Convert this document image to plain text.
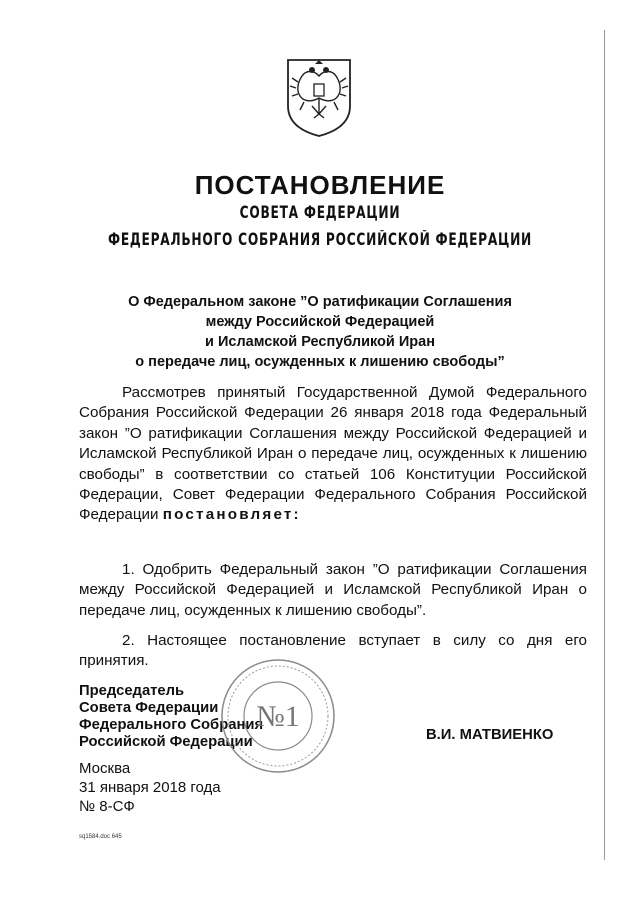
ПОСТАНОВЛЕНИЕ
СОВЕТА ФЕДЕРАЦИИ
ФЕДЕРАЛЬНОГО СОБРАНИЯ РОССИЙСКОЙ ФЕДЕРАЦИИ
О Федеральном законе ”О ратификации Соглашения
между Российской Федерацией
и Исламской Республикой Иран
о передаче лиц, осужденных к лишению свободы”
Рассмотрев принятый Государственной Думой Федерального Собрания Российской Федерации 26 января 2018 года Федеральный закон ”О ратификации Соглашения между Российской Федерацией и Исламской Республикой Иран о передаче лиц, осужденных к лишению свободы” в соответствии со статьей 106 Конституции Российской Федерации, Совет Федерации Федерального Собрания Российской Федерации постановляет:
1. Одобрить Федеральный закон ”О ратификации Соглашения между Российской Федерацией и Исламской Республикой Иран о передаче лиц, осужденных к лишению свободы”.
2. Настоящее постановление вступает в силу со дня его принятия.
Председатель
Совета Федерации
Федерального Собрания
Российской Федерации
№1
В.И. МАТВИЕНКО
Москва
31 января 2018 года
№ 8-СФ
sq1584.doc 645
